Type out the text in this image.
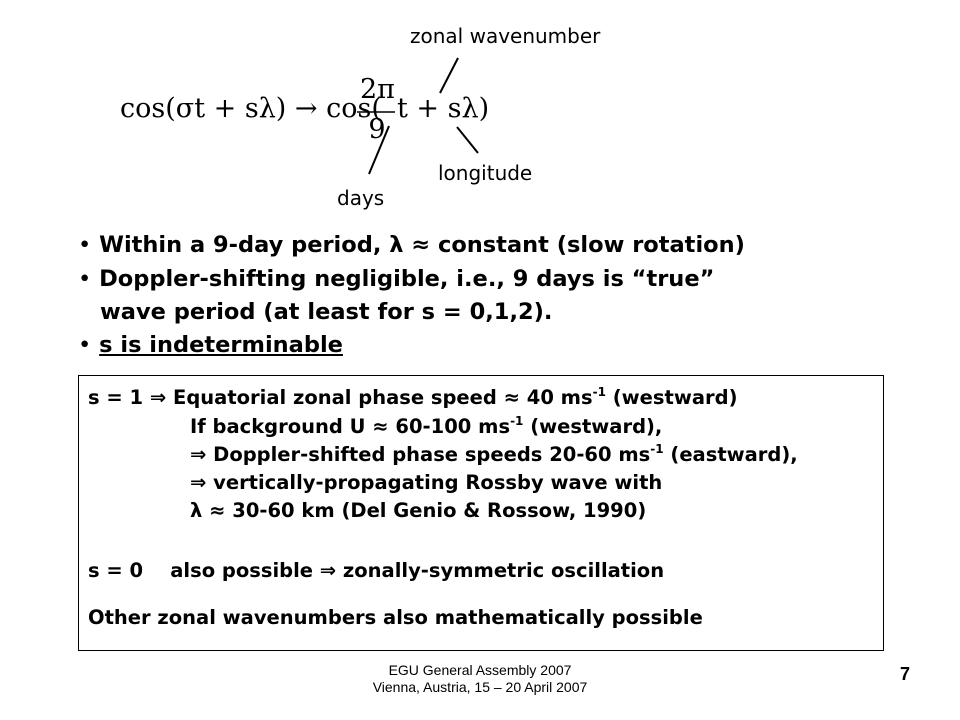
zonal wavenumber
longitude
days
cos(σt + sλ) → cos(
2π
9
t + sλ)
• Within a 9-day period, λ ≈ constant (slow rotation)
• Doppler-shifting negligible, i.e., 9 days is “true”
wave period (at least for s = 0,1,2).
• s is indeterminable
s = 1 ⇒ Equatorial zonal phase speed ≈ 40 $ms^{-1}$ (westward)
If background U ≈ 60-100 $ms^{-1}$ (westward),
⇒ Doppler-shifted phase speeds 20-60 $ms^{-1}$ (eastward),
⇒ vertically-propagating Rossby wave with
λ ≈ 30-60 km (Del Genio & Rossow, 1990)
s = 0    also possible ⇒ zonally-symmetric oscillation
Other zonal wavenumbers also mathematically possible
EGU General Assembly 2007
Vienna, Austria, 15 – 20 April 2007
7
